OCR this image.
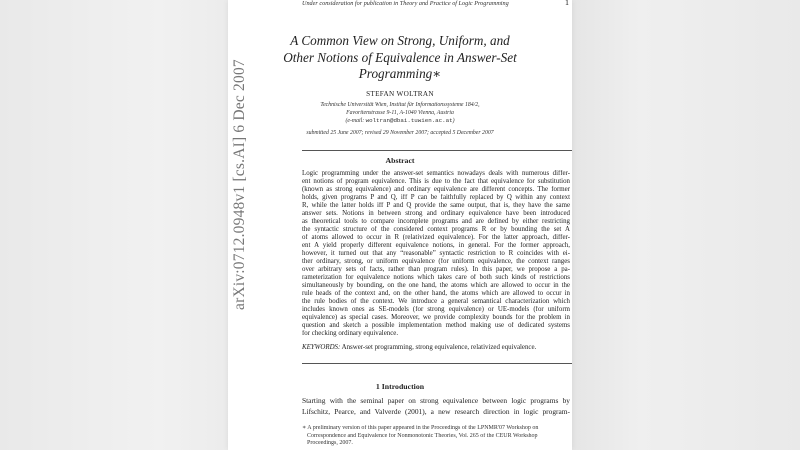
Under consideration for publication in Theory and Practice of Logic Programming	1
A Common View on Strong, Uniform, and
Other Notions of Equivalence in Answer-Set
Programming∗
STEFAN WOLTRAN
Technische Universität Wien, Institut für Informationssysteme 184/2,
Favoritenstrasse 9-11, A-1040 Vienna, Austria
(e-mail: woltran@dbai.tuwien.ac.at)
submitted 25 June 2007; revised 29 November 2007; accepted 5 December 2007
Abstract
Logic programming under the answer-set semantics nowadays deals with numerous differ-
ent notions of program equivalence. This is due to the fact that equivalence for substitution
(known as strong equivalence) and ordinary equivalence are different concepts. The former
holds, given programs P and Q, iff P can be faithfully replaced by Q within any context
R, while the latter holds iff P and Q provide the same output, that is, they have the same
answer sets. Notions in between strong and ordinary equivalence have been introduced
as theoretical tools to compare incomplete programs and are defined by either restricting
the syntactic structure of the considered context programs R or by bounding the set A
of atoms allowed to occur in R (relativized equivalence). For the latter approach, differ-
ent A yield properly different equivalence notions, in general. For the former approach,
however, it turned out that any “reasonable” syntactic restriction to R coincides with ei-
ther ordinary, strong, or uniform equivalence (for uniform equivalence, the context ranges
over arbitrary sets of facts, rather than program rules). In this paper, we propose a pa-
rameterization for equivalence notions which takes care of both such kinds of restrictions
simultaneously by bounding, on the one hand, the atoms which are allowed to occur in the
rule heads of the context and, on the other hand, the atoms which are allowed to occur in
the rule bodies of the context. We introduce a general semantical characterization which
includes known ones as SE-models (for strong equivalence) or UE-models (for uniform
equivalence) as special cases. Moreover, we provide complexity bounds for the problem in
question and sketch a possible implementation method making use of dedicated systems
for checking ordinary equivalence.
KEYWORDS: Answer-set programming, strong equivalence, relativized equivalence.
1 Introduction
Starting with the seminal paper on strong equivalence between logic programs by
Lifschitz, Pearce, and Valverde (2001), a new research direction in logic program-
∗ A preliminary version of this paper appeared in the Proceedings of the LPNMR'07 Workshop on
Correspondence and Equivalence for Nonmonotonic Theories, Vol. 265 of the CEUR Workshop
Proceedings, 2007.
arXiv:0712.0948v1 [cs.AI] 6 Dec 2007
